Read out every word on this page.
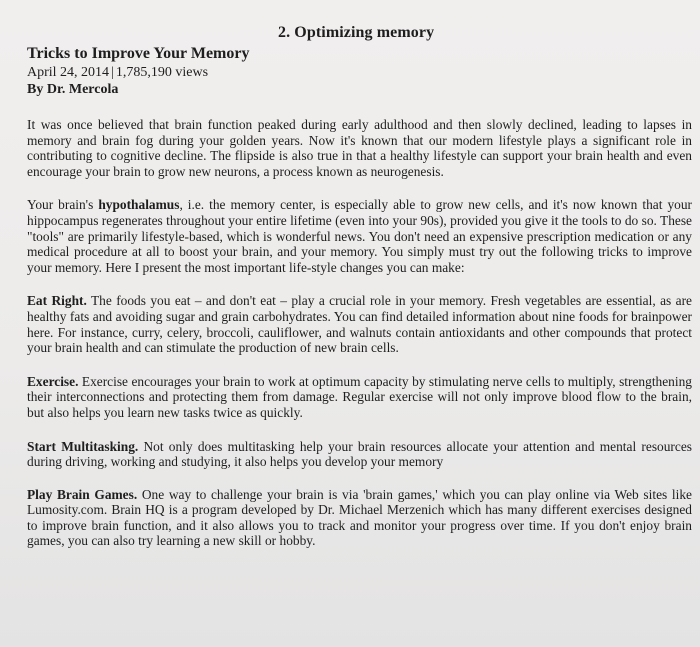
2. Optimizing memory
Tricks to Improve Your Memory
April 24, 2014 | 1,785,190 views
By Dr. Mercola

It was once believed that brain function peaked during early adulthood and then slowly declined, leading to lapses in memory and brain fog during your golden years. Now it's known that our modern lifestyle plays a significant role in contributing to cognitive decline. The flipside is also true in that a healthy lifestyle can support your brain health and even encourage your brain to grow new neurons, a process known as neurogenesis.

Your brain's hypothalamus, i.e. the memory center, is especially able to grow new cells, and it's now known that your hippocampus regenerates throughout your entire lifetime (even into your 90s), provided you give it the tools to do so. These "tools" are primarily lifestyle-based, which is wonderful news. You don't need an expensive prescription medication or any medical procedure at all to boost your brain, and your memory. You simply must try out the following tricks to improve your memory. Here I present the most important life-style changes you can make:

Eat Right. The foods you eat – and don't eat – play a crucial role in your memory. Fresh vegetables are essential, as are healthy fats and avoiding sugar and grain carbohydrates. You can find detailed information about nine foods for brainpower here. For instance, curry, celery, broccoli, cauliflower, and walnuts contain antioxidants and other compounds that protect your brain health and can stimulate the production of new brain cells.

Exercise. Exercise encourages your brain to work at optimum capacity by stimulating nerve cells to multiply, strengthening their interconnections and protecting them from damage. Regular exercise will not only improve blood flow to the brain, but also helps you learn new tasks twice as quickly.

Start Multitasking. Not only does multitasking help your brain resources allocate your attention and mental resources during driving, working and studying, it also helps you develop your memory

Play Brain Games. One way to challenge your brain is via 'brain games,' which you can play online via Web sites like Lumosity.com. Brain HQ is a program developed by Dr. Michael Merzenich which has many different exercises designed to improve brain function, and it also allows you to track and monitor your progress over time. If you don't enjoy brain games, you can also try learning a new skill or hobby.
